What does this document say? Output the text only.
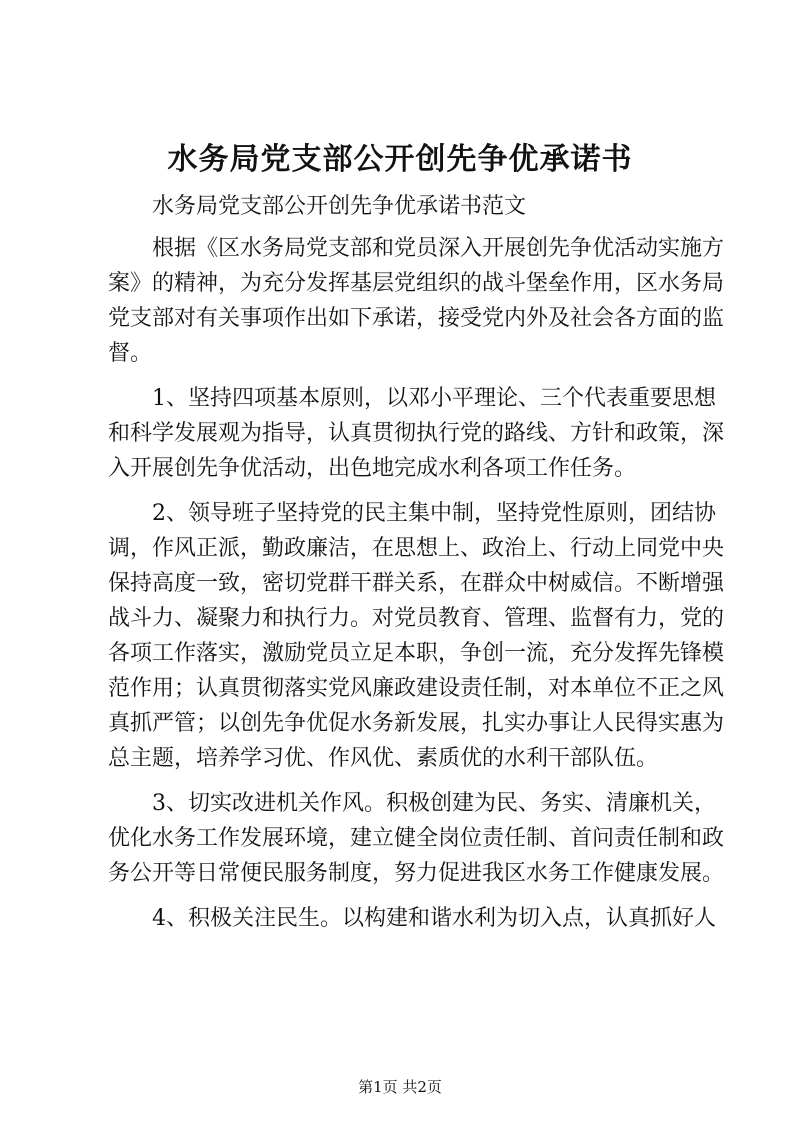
水务局党支部公开创先争优承诺书
水务局党支部公开创先争优承诺书范文
根据《区水务局党支部和党员深入开展创先争优活动实施方
案》的精神，为充分发挥基层党组织的战斗堡垒作用，区水务局
党支部对有关事项作出如下承诺，接受党内外及社会各方面的监
督。
1、坚持四项基本原则，以邓小平理论、三个代表重要思想
和科学发展观为指导，认真贯彻执行党的路线、方针和政策，深
入开展创先争优活动，出色地完成水利各项工作任务。
2、领导班子坚持党的民主集中制，坚持党性原则，团结协
调，作风正派，勤政廉洁，在思想上、政治上、行动上同党中央
保持高度一致，密切党群干群关系，在群众中树威信。不断增强
战斗力、凝聚力和执行力。对党员教育、管理、监督有力，党的
各项工作落实，激励党员立足本职，争创一流，充分发挥先锋模
范作用；认真贯彻落实党风廉政建设责任制，对本单位不正之风
真抓严管；以创先争优促水务新发展，扎实办事让人民得实惠为
总主题，培养学习优、作风优、素质优的水利干部队伍。
3、切实改进机关作风。积极创建为民、务实、清廉机关，
优化水务工作发展环境，建立健全岗位责任制、首问责任制和政
务公开等日常便民服务制度，努力促进我区水务工作健康发展。
4、积极关注民生。以构建和谐水利为切入点，认真抓好人
第1页 共2页
